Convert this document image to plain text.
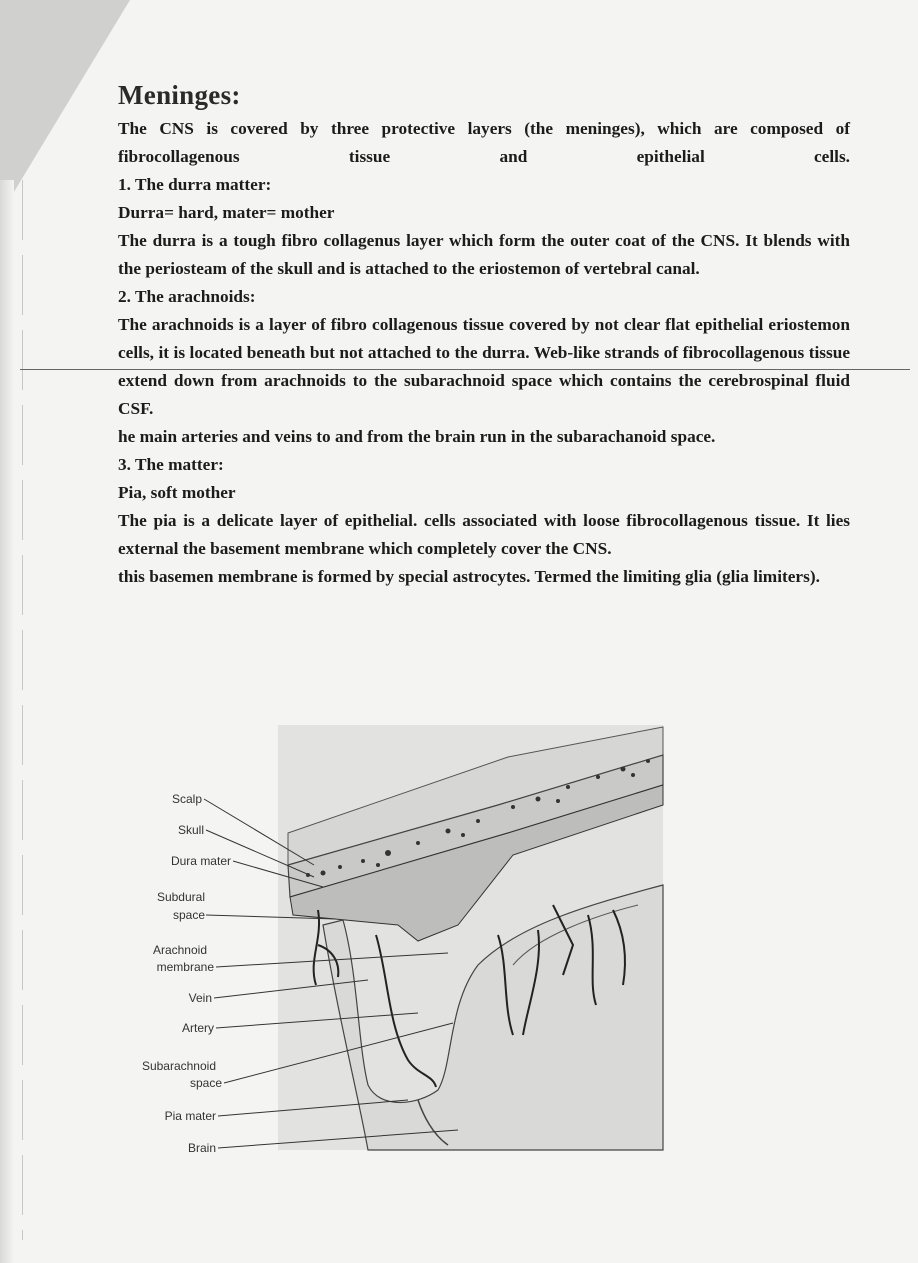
Meninges:

The CNS is covered by three protective layers (the meninges), which are composed of fibrocollagenous tissue and epithelial cells.

1. The durra matter:

Durra= hard, mater= mother

The durra is a tough fibro collagenus layer which form the outer coat of the CNS. It blends with the periosteam of the skull and is attached to the eriostemon of vertebral canal.

2. The arachnoids:

The arachnoids is a layer of fibro collagenous tissue covered by not clear flat epithelial eriostemon cells, it is located beneath but not attached to the durra. Web-like strands of fibrocollagenous tissue extend down from arachnoids to the subarachnoid space which contains the cerebrospinal fluid CSF.

he main arteries and veins to and from the brain run in the subarachanoid space.

3. The matter:

Pia, soft mother

The pia is a delicate layer of epithelial. cells associated with loose fibrocollagenous tissue. It lies external the basement membrane which completely cover the CNS.

this basemen membrane is formed by special astrocytes. Termed the limiting glia (glia limiters).

Scalp
Skull
Dura mater
Subdural
space
Arachnoid
membrane
Vein
Artery
Subarachnoid
space
Pia mater
Brain
